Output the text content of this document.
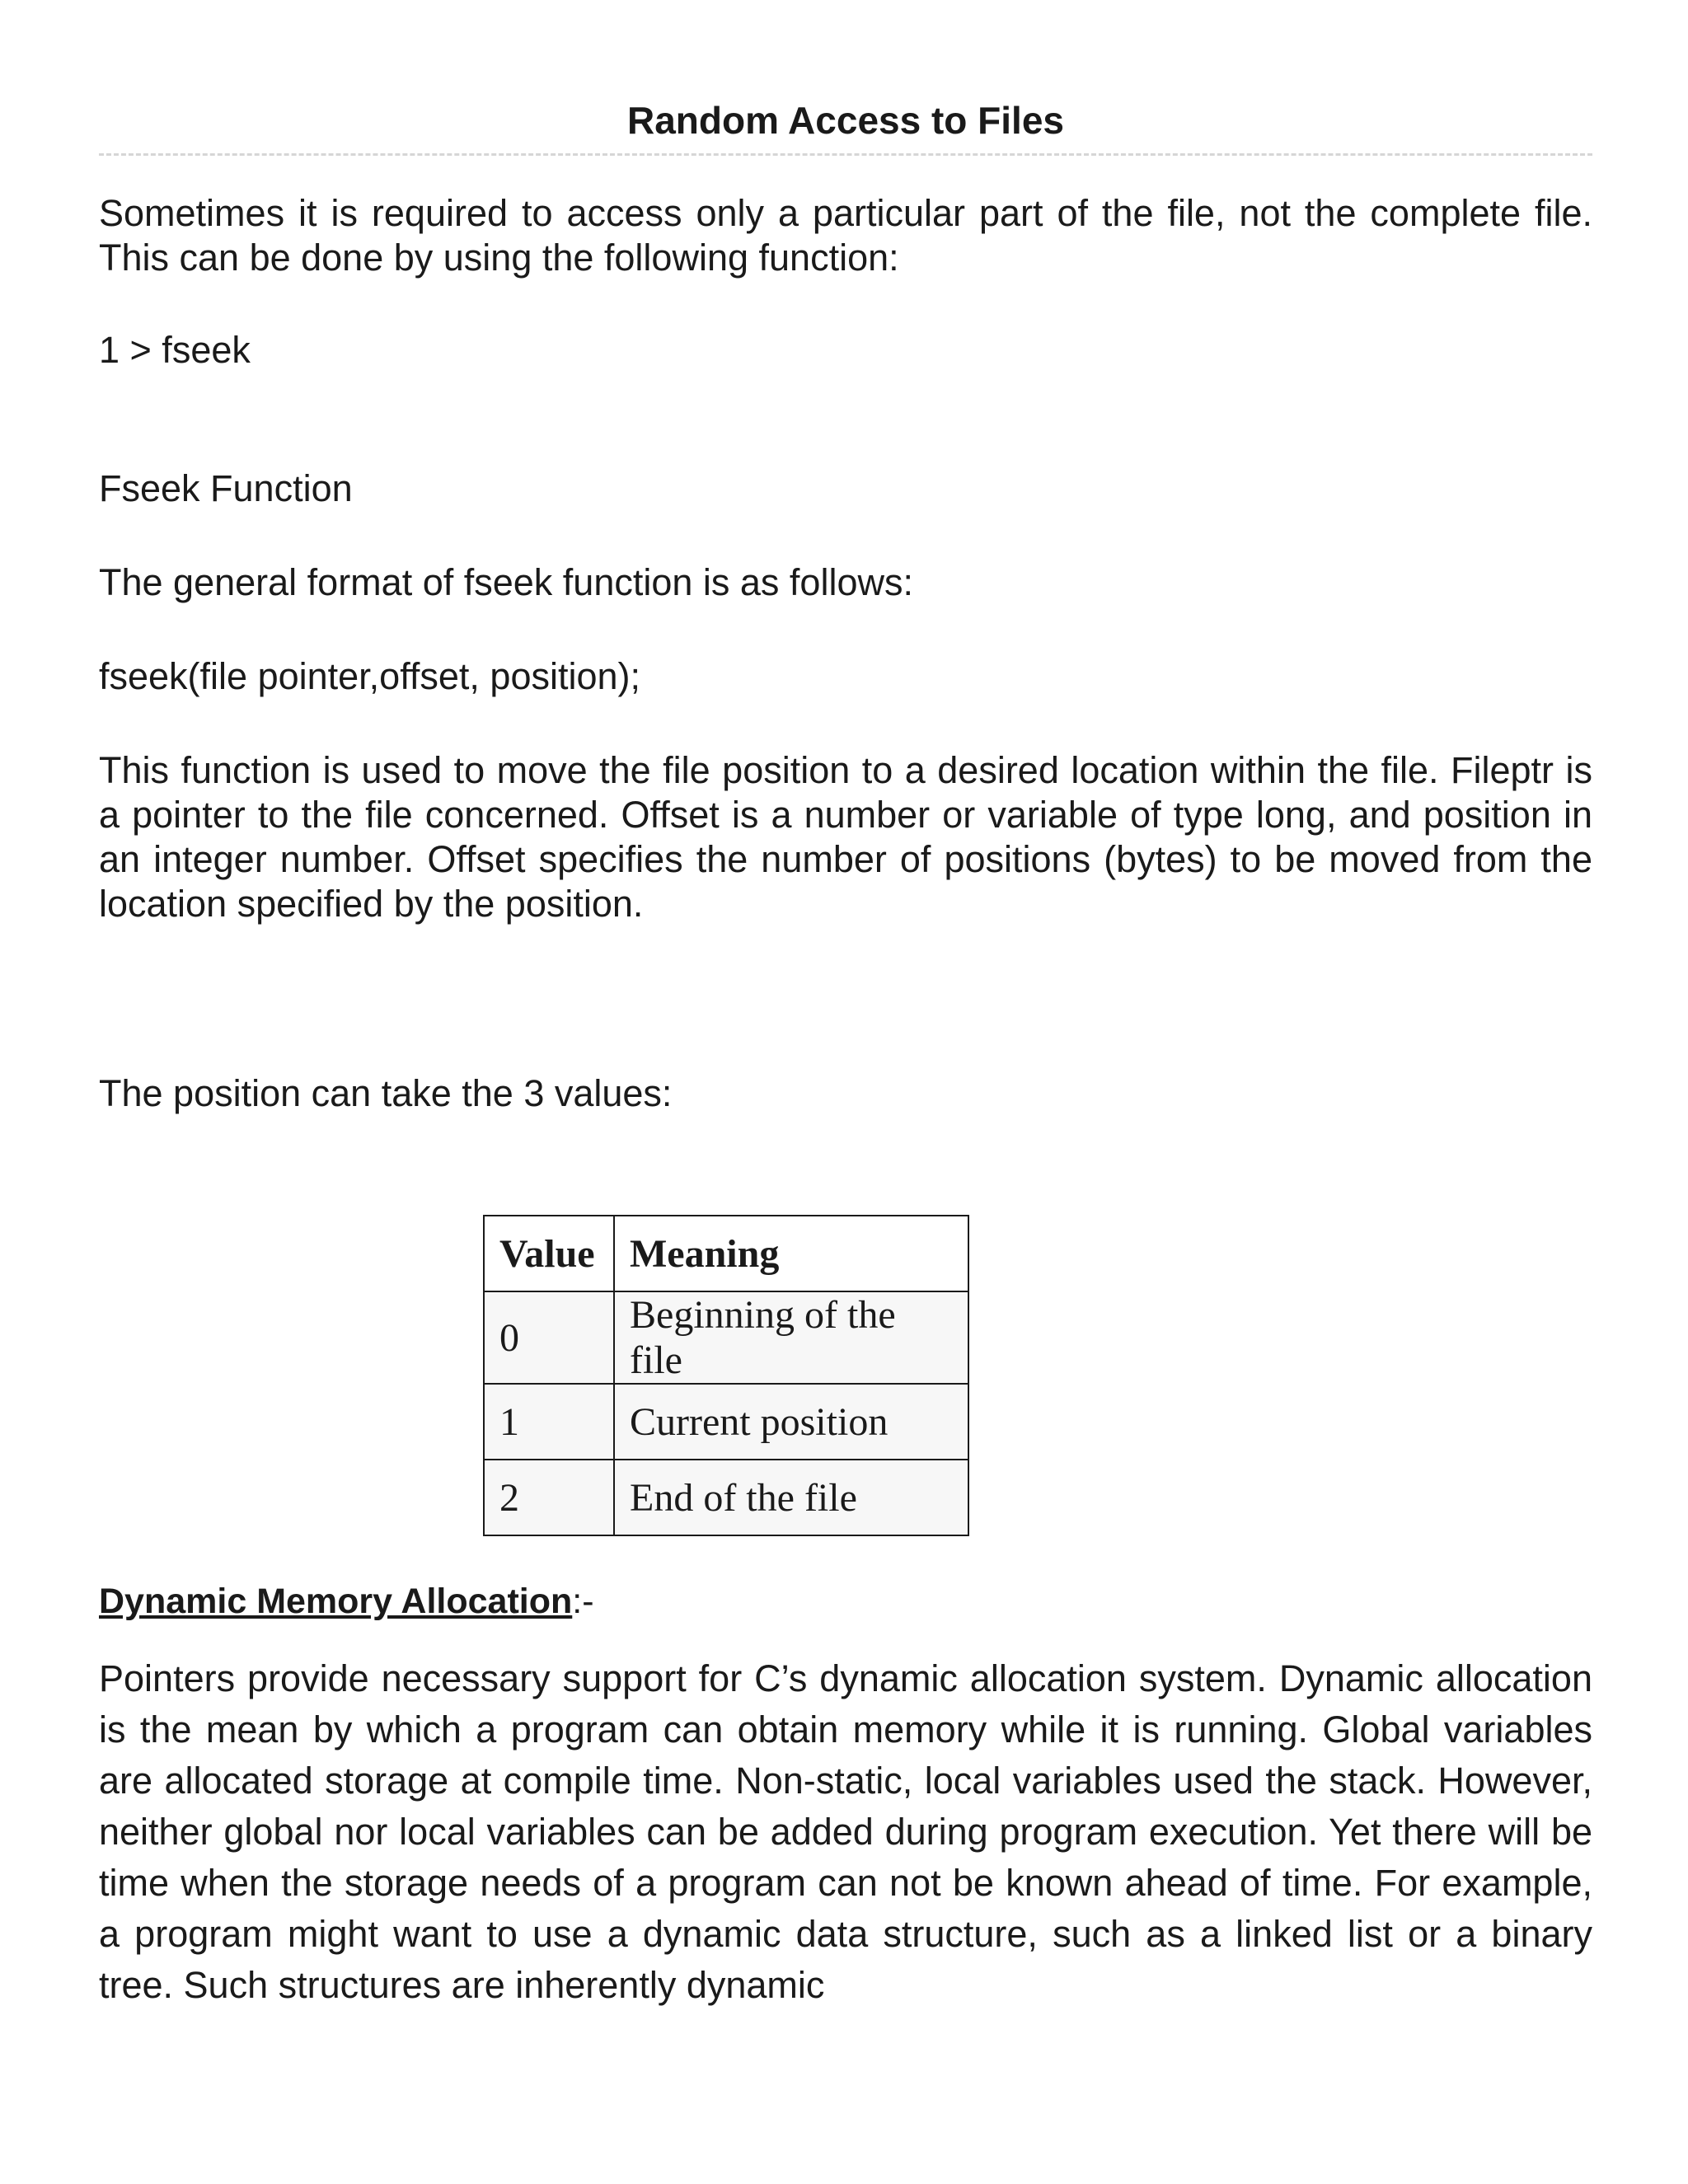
Random Access to Files

Sometimes it is required to access only a particular part of the file, not the complete file. This can be done by using the following function:

1 > fseek

Fseek Function

The general format of fseek function is as follows:

fseek(file pointer,offset, position);

This function is used to move the file position to a desired location within the file. Fileptr is a pointer to the file concerned. Offset is a number or variable of type long, and position in an integer number. Offset specifies the number of positions (bytes) to be moved from the location specified by the position.

The position can take the 3 values:

Value	Meaning
0	Beginning of the file
1	Current position
2	End of the file
Dynamic Memory Allocation:-

Pointers provide necessary support for C’s dynamic allocation system. Dynamic allocation is the mean by which a program can obtain memory while it is running. Global variables are allocated storage at compile time. Non-static, local variables used the stack. However, neither global nor local variables can be added during program execution. Yet there will be time when the storage needs of a program can not be known ahead of time. For example, a program might want to use a dynamic data structure, such as a linked list or a binary tree. Such structures are inherently dynamic
